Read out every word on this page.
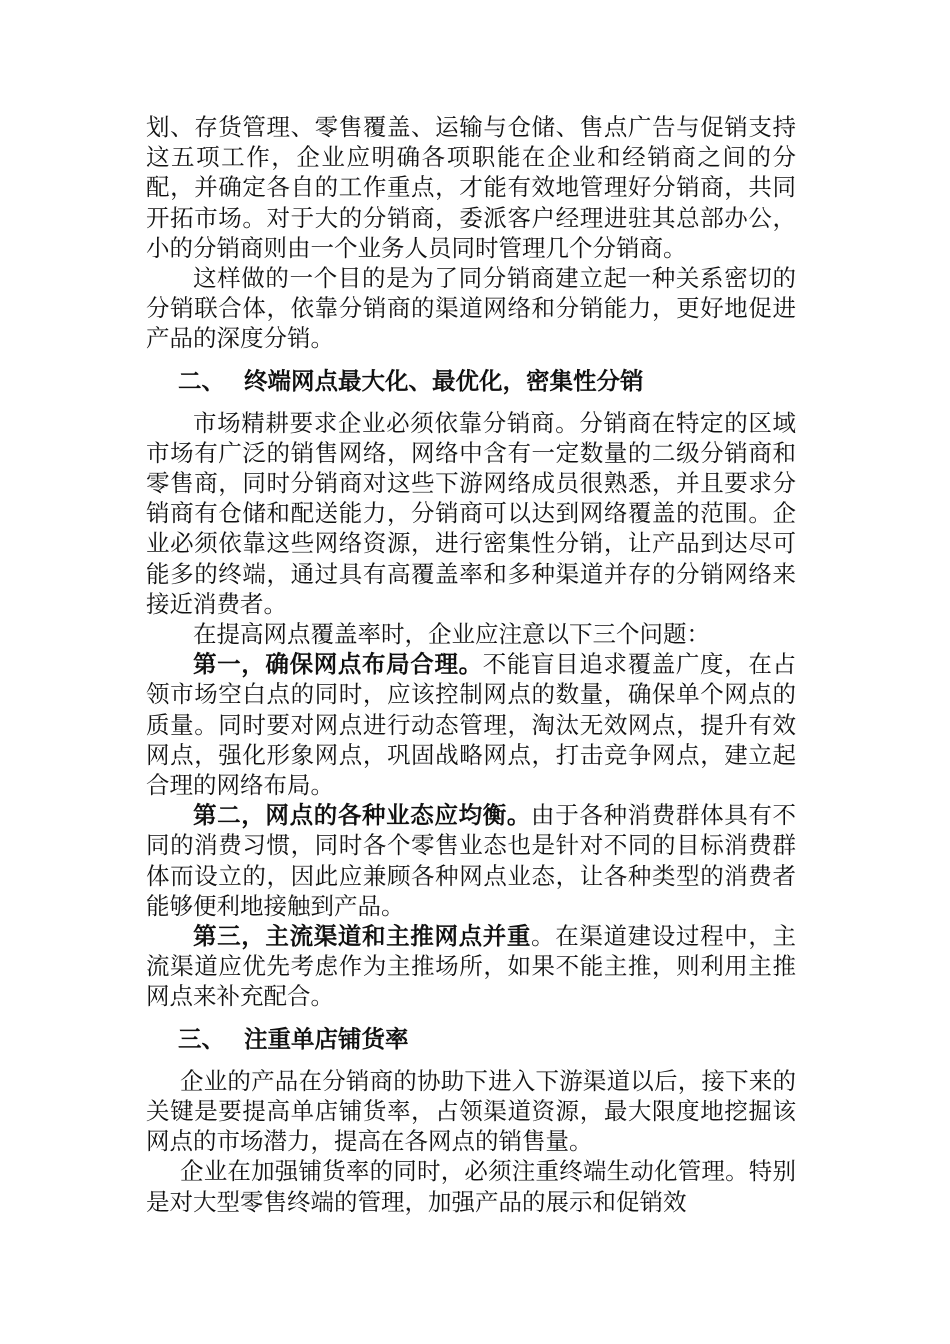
划、存货管理、零售覆盖、运输与仓储、售点广告与促销支持这五项工作，企业应明确各项职能在企业和经销商之间的分配，并确定各自的工作重点，才能有效地管理好分销商，共同开拓市场。对于大的分销商，委派客户经理进驻其总部办公，小的分销商则由一个业务人员同时管理几个分销商。

这样做的一个目的是为了同分销商建立起一种关系密切的分销联合体，依靠分销商的渠道网络和分销能力，更好地促进产品的深度分销。

二、 终端网点最大化、最优化，密集性分销

市场精耕要求企业必须依靠分销商。分销商在特定的区域市场有广泛的销售网络，网络中含有一定数量的二级分销商和零售商，同时分销商对这些下游网络成员很熟悉，并且要求分销商有仓储和配送能力，分销商可以达到网络覆盖的范围。企业必须依靠这些网络资源，进行密集性分销，让产品到达尽可能多的终端，通过具有高覆盖率和多种渠道并存的分销网络来接近消费者。

在提高网点覆盖率时，企业应注意以下三个问题：

第一，确保网点布局合理。不能盲目追求覆盖广度，在占领市场空白点的同时，应该控制网点的数量，确保单个网点的质量。同时要对网点进行动态管理，淘汰无效网点，提升有效网点，强化形象网点，巩固战略网点，打击竞争网点，建立起合理的网络布局。

第二，网点的各种业态应均衡。由于各种消费群体具有不同的消费习惯，同时各个零售业态也是针对不同的目标消费群体而设立的，因此应兼顾各种网点业态，让各种类型的消费者能够便利地接触到产品。

第三，主流渠道和主推网点并重。在渠道建设过程中，主流渠道应优先考虑作为主推场所，如果不能主推，则利用主推网点来补充配合。

三、 注重单店铺货率

企业的产品在分销商的协助下进入下游渠道以后，接下来的关键是要提高单店铺货率，占领渠道资源，最大限度地挖掘该网点的市场潜力，提高在各网点的销售量。

企业在加强铺货率的同时，必须注重终端生动化管理。特别是对大型零售终端的管理，加强产品的展示和促销效
